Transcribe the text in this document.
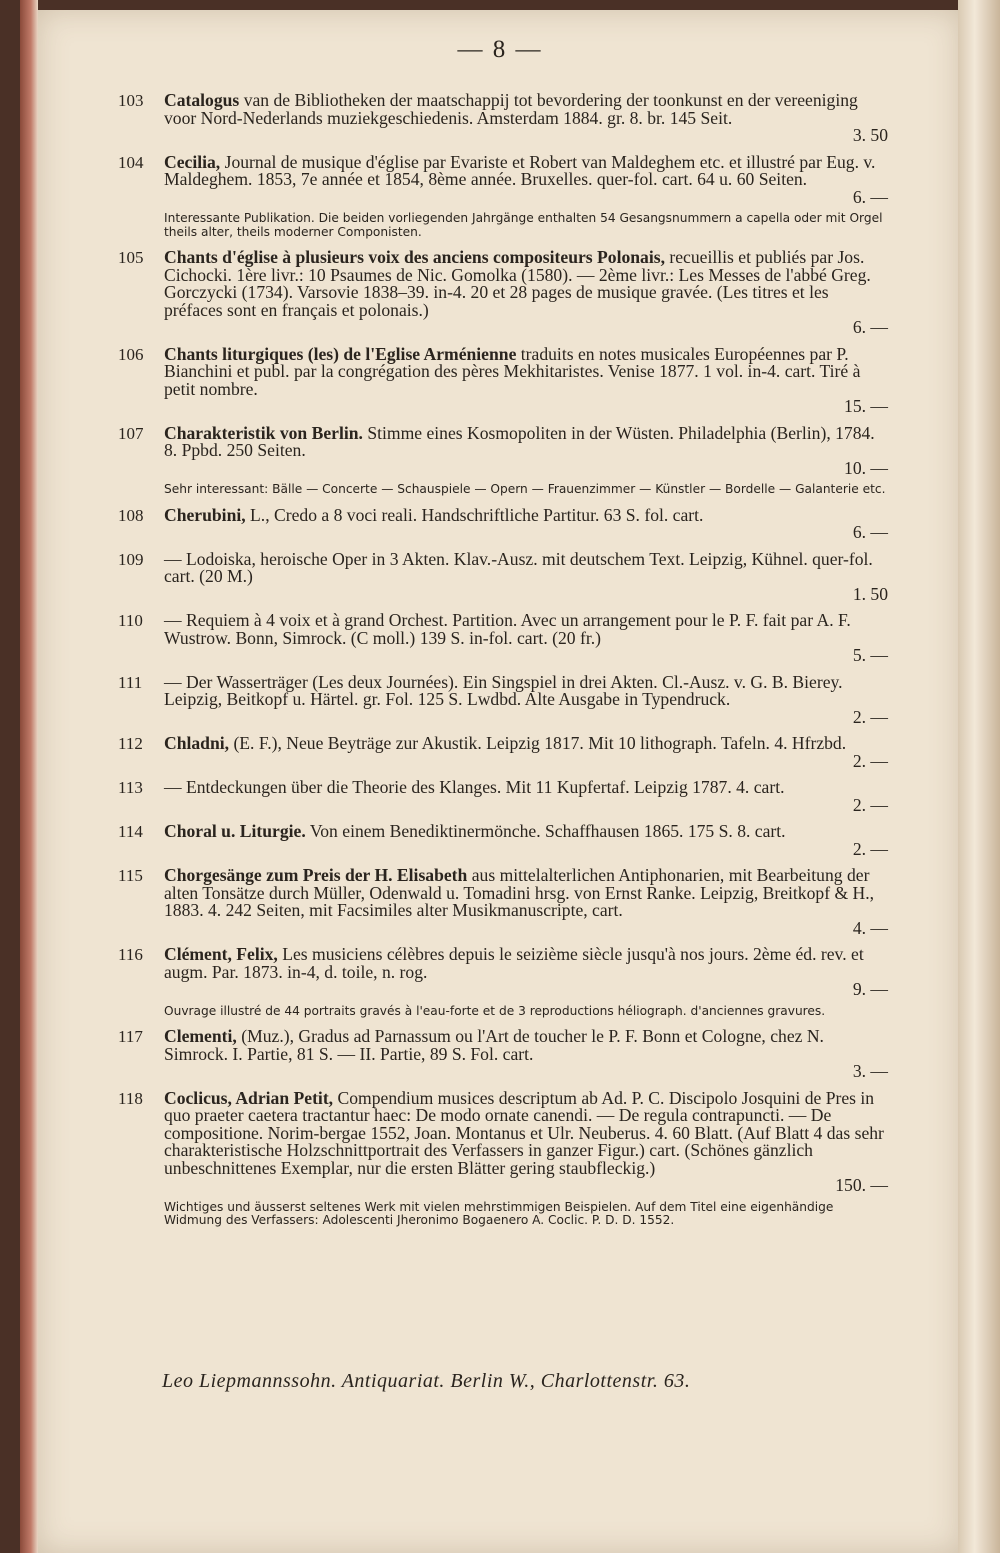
— 8 —
103 Catalogus van de Bibliotheken der maatschappij tot bevordering der toonkunst en der vereeniging voor Nord-Nederlands muziekgeschiedenis. Amsterdam 1884. gr. 8. br. 145 Seit.
3. 50
104 Cecilia, Journal de musique d'église par Evariste et Robert van Maldeghem etc. et illustré par Eug. v. Maldeghem. 1853, 7e année et 1854, 8ème année. Bruxelles. quer-fol. cart. 64 u. 60 Seiten.
6. —
Interessante Publikation. Die beiden vorliegenden Jahrgänge enthalten 54 Gesangsnummern a capella oder mit Orgel theils alter, theils moderner Componisten.
105 Chants d'église à plusieurs voix des anciens compositeurs Polonais, recueillis et publiés par Jos. Cichocki. 1ère livr.: 10 Psaumes de Nic. Gomolka (1580). — 2ème livr.: Les Messes de l'abbé Greg. Gorczycki (1734). Varsovie 1838–39. in-4. 20 et 28 pages de musique gravée. (Les titres et les préfaces sont en français et polonais.)
6. —
106 Chants liturgiques (les) de l'Eglise Arménienne traduits en notes musicales Européennes par P. Bianchini et publ. par la congrégation des pères Mekhitaristes. Venise 1877. 1 vol. in-4. cart. Tiré à petit nombre.
15. —
107 Charakteristik von Berlin. Stimme eines Kosmopoliten in der Wüsten. Philadelphia (Berlin), 1784. 8. Ppbd. 250 Seiten.
10. —
Sehr interessant: Bälle — Concerte — Schauspiele — Opern — Frauenzimmer — Künstler — Bordelle — Galanterie etc.
108 Cherubini, L., Credo a 8 voci reali. Handschriftliche Partitur. 63 S. fol. cart.
6. —
109 — Lodoiska, heroische Oper in 3 Akten. Klav.-Ausz. mit deutschem Text. Leipzig, Kühnel. quer-fol. cart. (20 M.)
1. 50
110 — Requiem à 4 voix et à grand Orchest. Partition. Avec un arrangement pour le P. F. fait par A. F. Wustrow. Bonn, Simrock. (C moll.) 139 S. in-fol. cart. (20 fr.)
5. —
111 — Der Wasserträger (Les deux Journées). Ein Singspiel in drei Akten. Cl.-Ausz. v. G. B. Bierey. Leipzig, Beitkopf u. Härtel. gr. Fol. 125 S. Lwdbd. Alte Ausgabe in Typendruck.
2. —
112 Chladni, (E. F.), Neue Beyträge zur Akustik. Leipzig 1817. Mit 10 lithograph. Tafeln. 4. Hfrzbd.
2. —
113 — Entdeckungen über die Theorie des Klanges. Mit 11 Kupfertaf. Leipzig 1787. 4. cart.
2. —
114 Choral u. Liturgie. Von einem Benediktinermönche. Schaffhausen 1865. 175 S. 8. cart.
2. —
115 Chorgesänge zum Preis der H. Elisabeth aus mittelalterlichen Antiphonarien, mit Bearbeitung der alten Tonsätze durch Müller, Odenwald u. Tomadini hrsg. von Ernst Ranke. Leipzig, Breitkopf & H., 1883. 4. 242 Seiten, mit Facsimiles alter Musikmanuscripte, cart.
4. —
116 Clément, Felix, Les musiciens célèbres depuis le seizième siècle jusqu'à nos jours. 2ème éd. rev. et augm. Par. 1873. in-4, d. toile, n. rog.
9. —
Ouvrage illustré de 44 portraits gravés à l'eau-forte et de 3 reproductions héliograph. d'anciennes gravures.
117 Clementi, (Muz.), Gradus ad Parnassum ou l'Art de toucher le P. F. Bonn et Cologne, chez N. Simrock. I. Partie, 81 S. — II. Partie, 89 S. Fol. cart.
3. —
118 Coclicus, Adrian Petit, Compendium musices descriptum ab Ad. P. C. Discipolo Josquini de Pres in quo praeter caetera tractantur haec: De modo ornate canendi. — De regula contrapuncti. — De compositione. Norim-bergae 1552, Joan. Montanus et Ulr. Neuberus. 4. 60 Blatt. (Auf Blatt 4 das sehr charakteristische Holzschnittportrait des Verfassers in ganzer Figur.) cart. (Schönes gänzlich unbeschnittenes Exemplar, nur die ersten Blätter gering staubfleckig.)
150. —
Wichtiges und äusserst seltenes Werk mit vielen mehrstimmigen Beispielen. Auf dem Titel eine eigenhändige Widmung des Verfassers: Adolescenti Jheronimo Bogaenero A. Coclic. P. D. D. 1552.
Leo Liepmannssohn. Antiquariat. Berlin W., Charlottenstr. 63.
